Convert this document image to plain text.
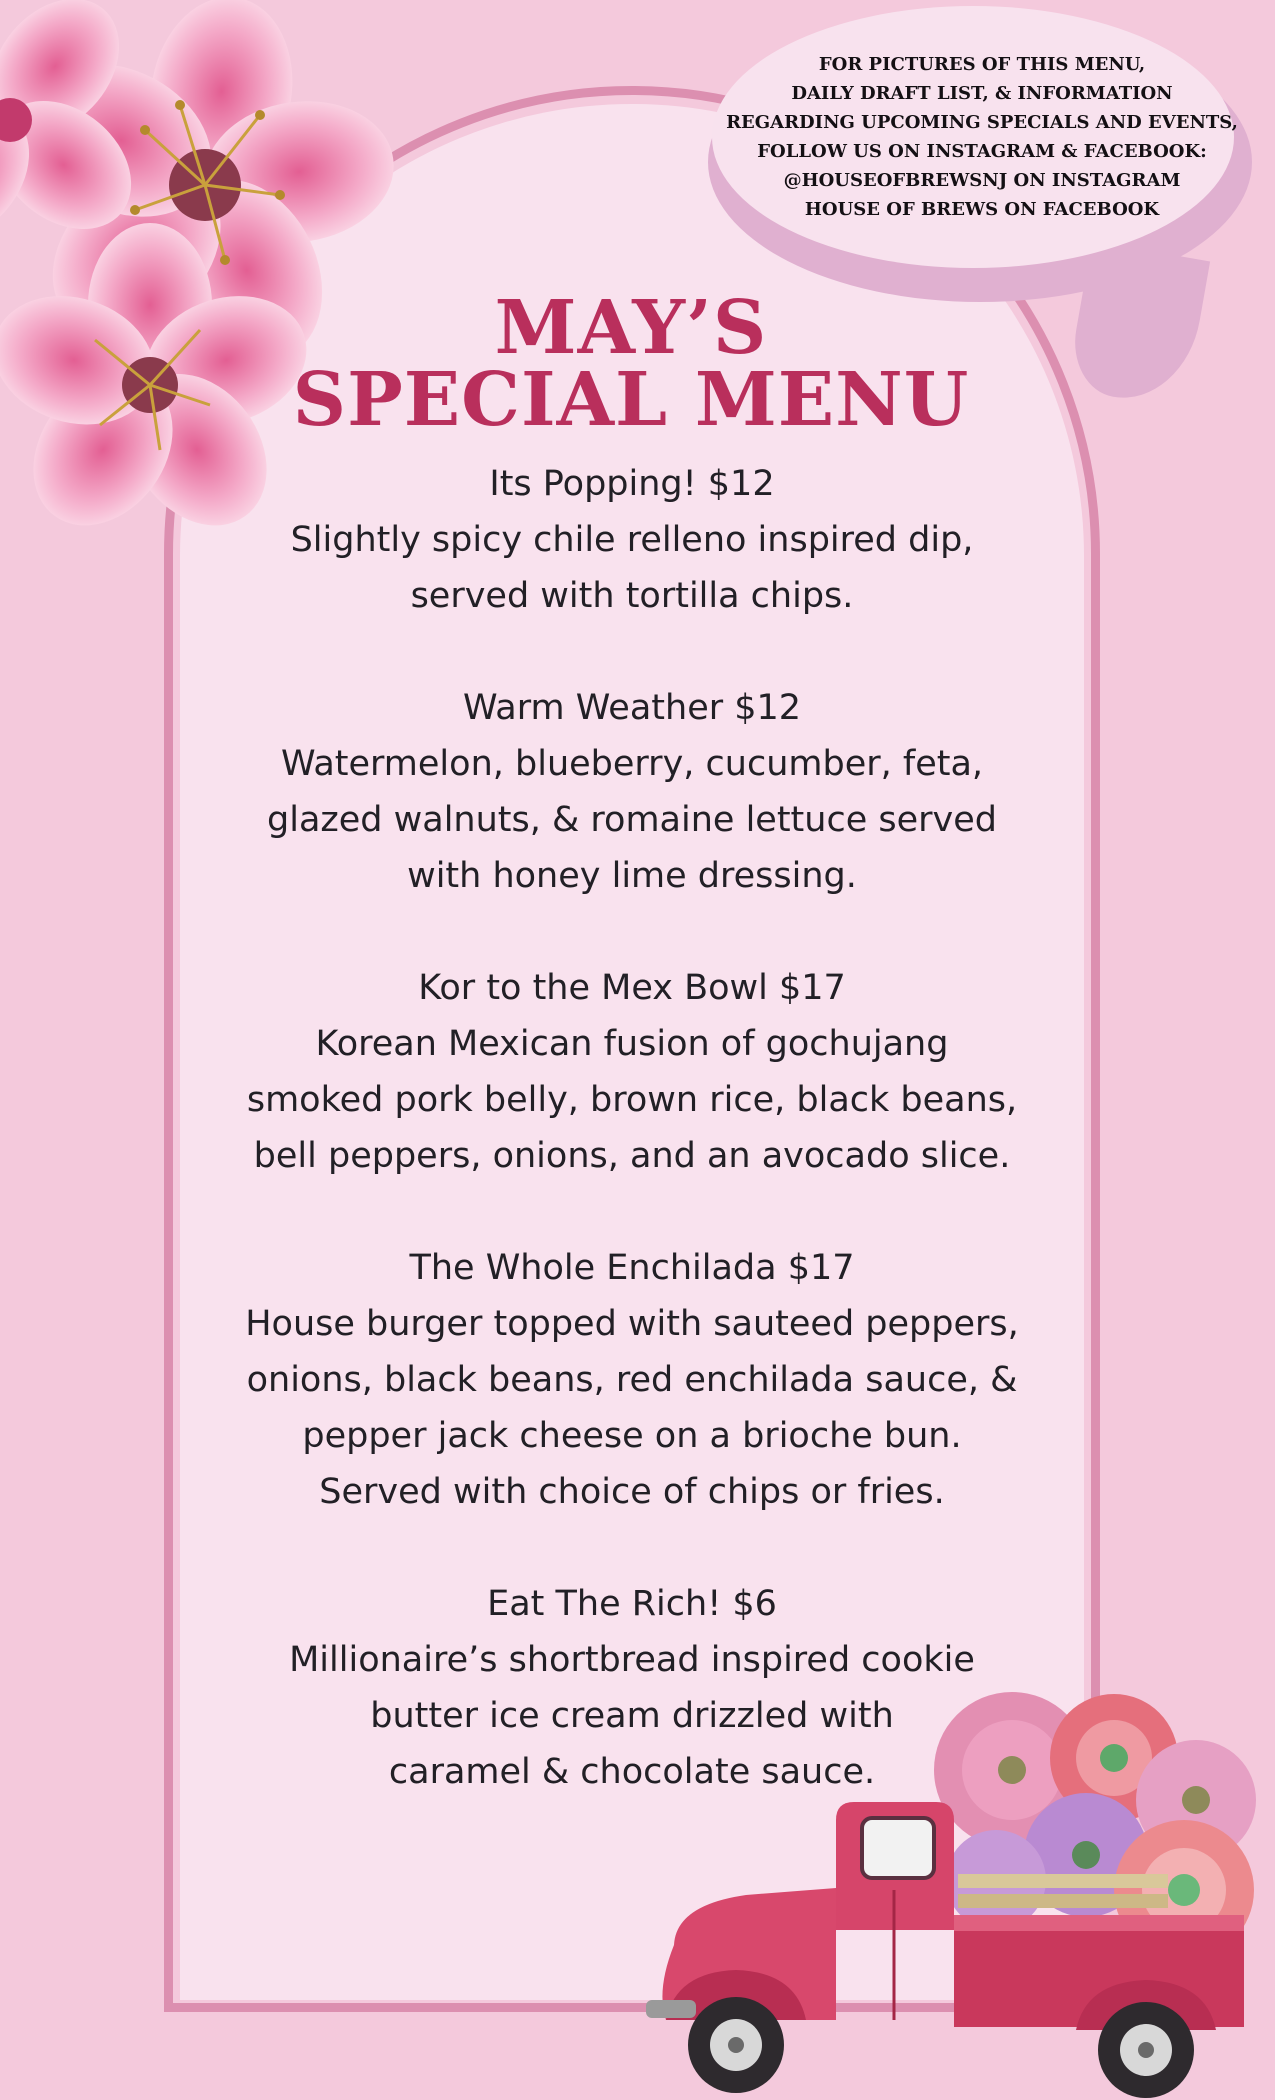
FOR PICTURES OF THIS MENU,
DAILY DRAFT LIST, & INFORMATION
REGARDING UPCOMING SPECIALS AND EVENTS,
FOLLOW US ON INSTAGRAM & FACEBOOK:
@HOUSEOFBREWSNJ ON INSTAGRAM
HOUSE OF BREWS ON FACEBOOK
MAY’S
SPECIAL MENU
Its Popping! $12
Slightly spicy chile relleno inspired dip,
served with tortilla chips.
Warm Weather $12
Watermelon, blueberry, cucumber, feta,
glazed walnuts, & romaine lettuce served
with honey lime dressing.
Kor to the Mex Bowl $17
Korean Mexican fusion of gochujang
smoked pork belly, brown rice, black beans,
bell peppers, onions, and an avocado slice.
The Whole Enchilada $17
House burger topped with sauteed peppers,
onions, black beans, red enchilada sauce, &
pepper jack cheese on a brioche bun.
Served with choice of chips or fries.
Eat The Rich! $6
Millionaire’s shortbread inspired cookie
butter ice cream drizzled with
caramel & chocolate sauce.
